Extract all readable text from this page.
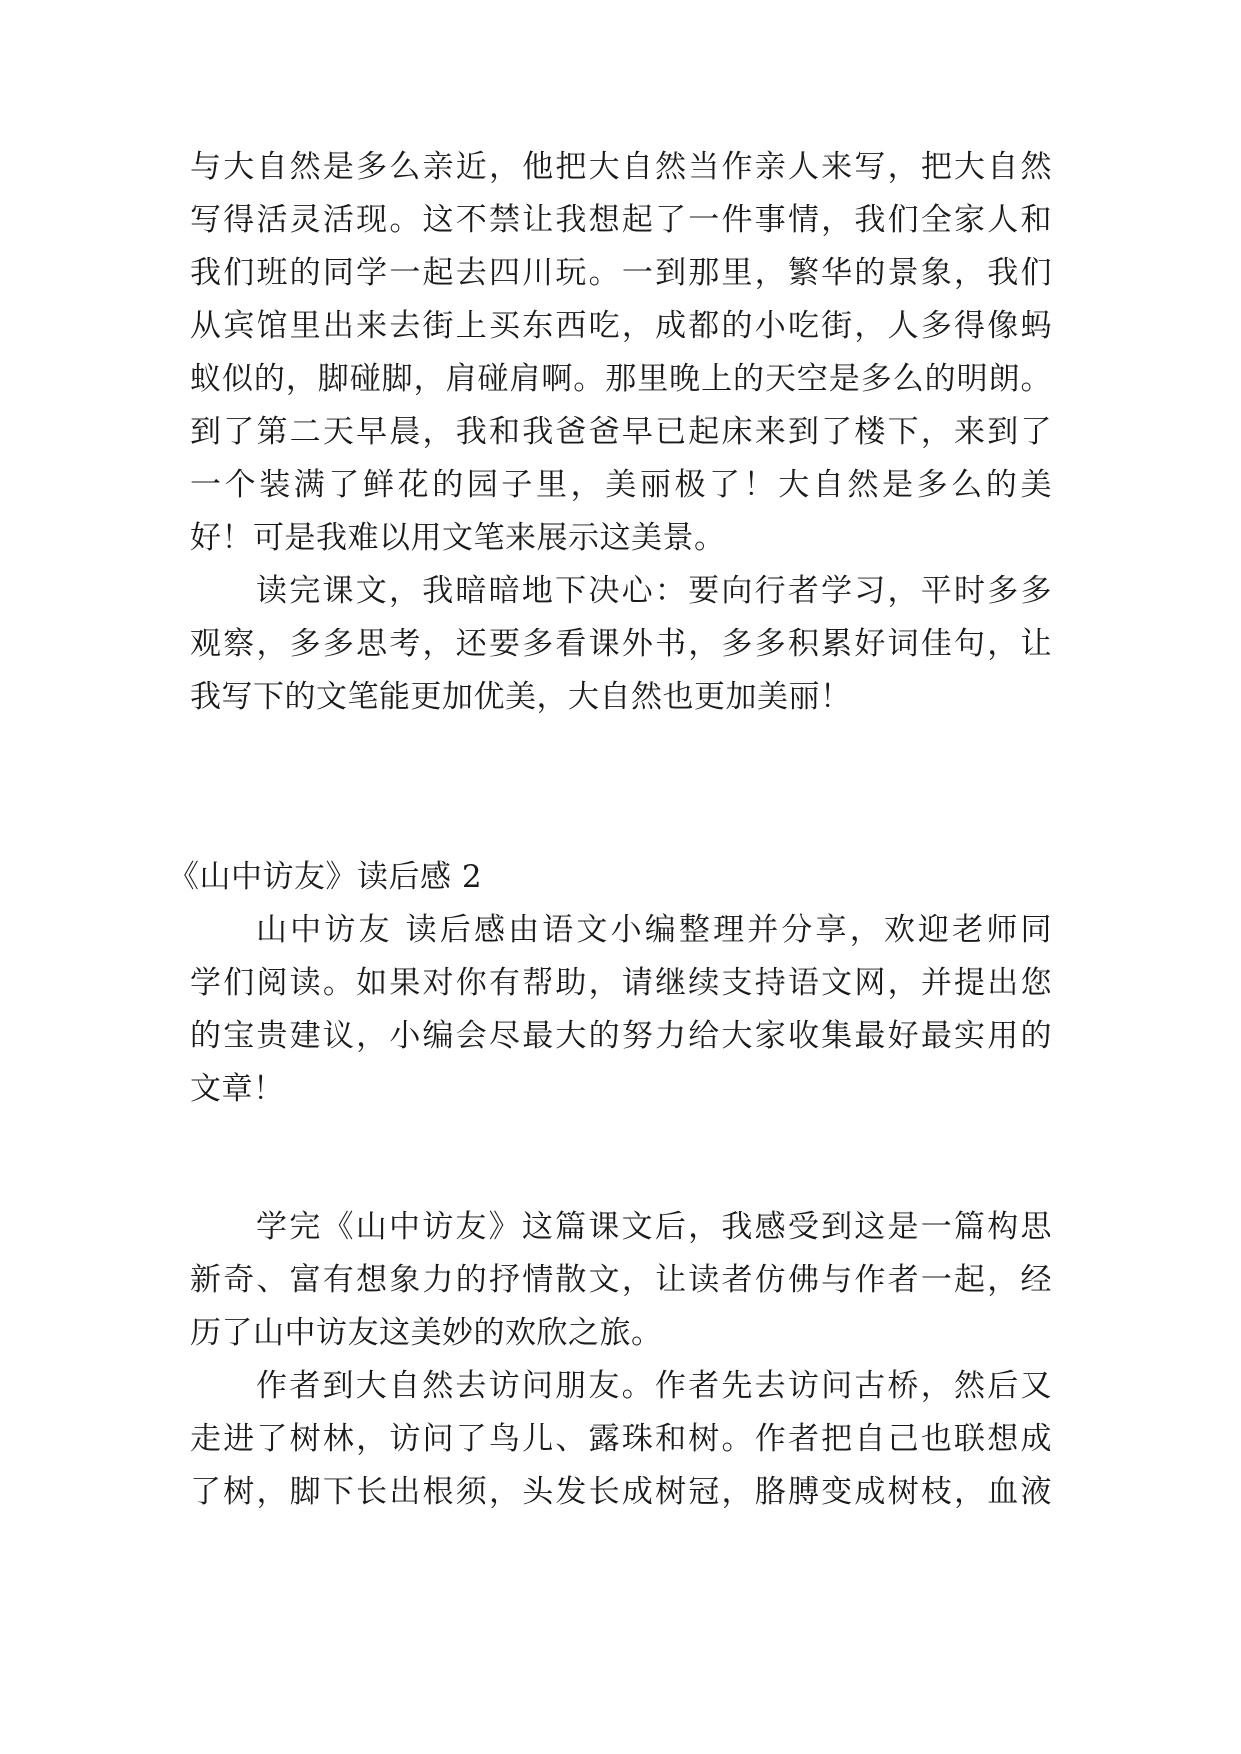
与大自然是多么亲近，他把大自然当作亲人来写，把大自然
写得活灵活现。这不禁让我想起了一件事情，我们全家人和
我们班的同学一起去四川玩。一到那里，繁华的景象，我们
从宾馆里出来去街上买东西吃，成都的小吃街，人多得像蚂
蚁似的，脚碰脚，肩碰肩啊。那里晚上的天空是多么的明朗。
到了第二天早晨，我和我爸爸早已起床来到了楼下，来到了
一个装满了鲜花的园子里，美丽极了！大自然是多么的美
好！可是我难以用文笔来展示这美景。
读完课文，我暗暗地下决心：要向行者学习，平时多多
观察，多多思考，还要多看课外书，多多积累好词佳句，让
我写下的文笔能更加优美，大自然也更加美丽！
《山中访友》读后感 2
山中访友 读后感由语文小编整理并分享，欢迎老师同
学们阅读。如果对你有帮助，请继续支持语文网，并提出您
的宝贵建议，小编会尽最大的努力给大家收集最好最实用的
文章！
学完《山中访友》这篇课文后，我感受到这是一篇构思
新奇、富有想象力的抒情散文，让读者仿佛与作者一起，经
历了山中访友这美妙的欢欣之旅。
作者到大自然去访问朋友。作者先去访问古桥，然后又
走进了树林，访问了鸟儿、露珠和树。作者把自己也联想成
了树，脚下长出根须，头发长成树冠，胳膊变成树枝，血液
